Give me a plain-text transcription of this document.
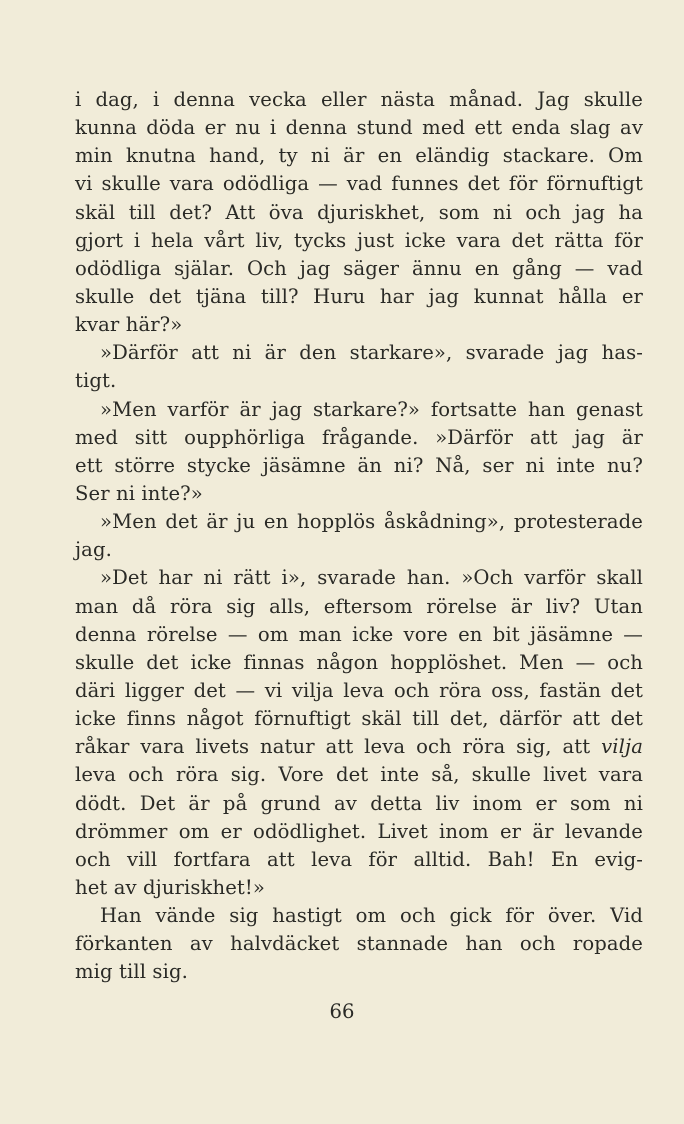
i dag, i denna vecka eller nästa månad. Jag skulle
kunna döda er nu i denna stund med ett enda slag av
min knutna hand, ty ni är en eländig stackare. Om
vi skulle vara odödliga — vad funnes det för förnuftigt
skäl till det? Att öva djuriskhet, som ni och jag ha
gjort i hela vårt liv, tycks just icke vara det rätta för
odödliga själar. Och jag säger ännu en gång — vad
skulle det tjäna till? Huru har jag kunnat hålla er
kvar här?»
»Därför att ni är den starkare», svarade jag has-
tigt.
»Men varför är jag starkare?» fortsatte han genast
med sitt oupphörliga frågande. »Därför att jag är
ett större stycke jäsämne än ni? Nå, ser ni inte nu?
Ser ni inte?»
»Men det är ju en hopplös åskådning», protesterade
jag.
»Det har ni rätt i», svarade han. »Och varför skall
man då röra sig alls, eftersom rörelse är liv? Utan
denna rörelse — om man icke vore en bit jäsämne —
skulle det icke finnas någon hopplöshet. Men — och
däri ligger det — vi vilja leva och röra oss, fastän det
icke finns något förnuftigt skäl till det, därför att det
råkar vara livets natur att leva och röra sig, att vilja
leva och röra sig. Vore det inte så, skulle livet vara
dödt. Det är på grund av detta liv inom er som ni
drömmer om er odödlighet. Livet inom er är levande
och vill fortfara att leva för alltid. Bah! En evig-
het av djuriskhet!»
Han vände sig hastigt om och gick för över. Vid
förkanten av halvdäcket stannade han och ropade
mig till sig.
66
